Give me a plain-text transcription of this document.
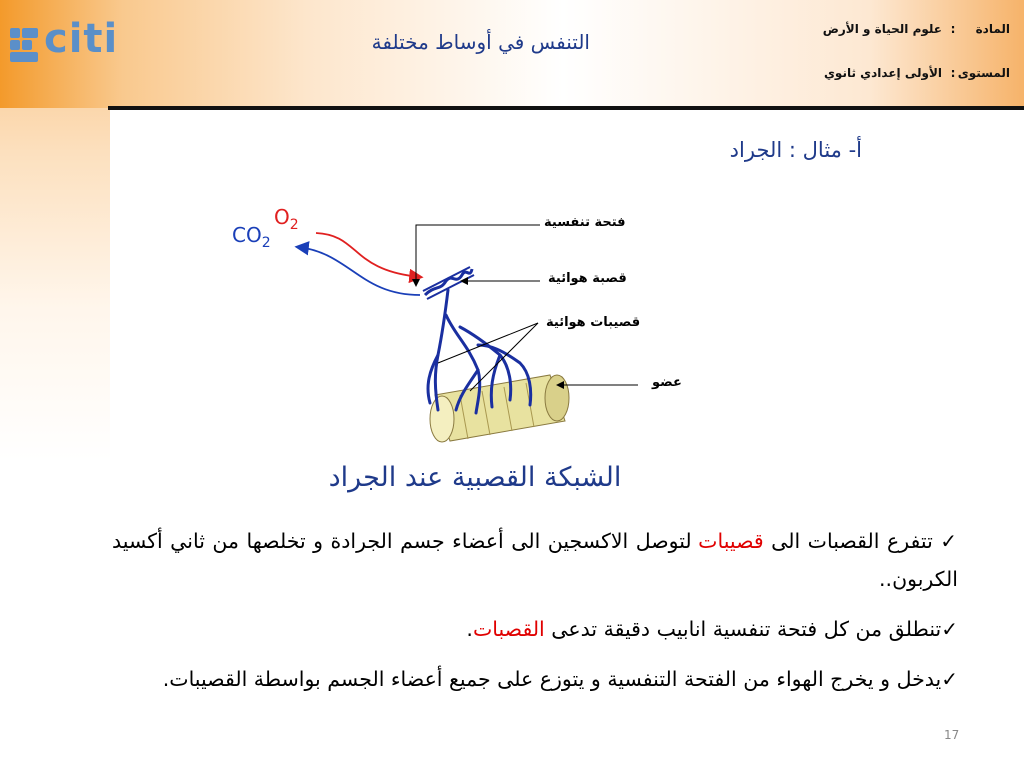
citi	التنفس في أوساط مختلفة
المادة:علوم الحياة و الأرض
المستوى:الأولى إعدادي ثانوي
أ- مثال : الجراد
$O_2$
$CO_2$
فتحة تنفسية
قصبة هوائية
قصيبات هوائية
عضو
الشبكة القصبية عند الجراد

✓ تتفرع القصبات الى قصيبات لتوصل الاكسجين الى أعضاء جسم الجرادة و تخلصها من ثاني أكسيد الكربون..

✓تنطلق من كل فتحة تنفسية انابيب دقيقة تدعى القصبات.

✓يدخل و يخرج الهواء من الفتحة التنفسية و يتوزع على جميع أعضاء الجسم بواسطة القصيبات.

17
